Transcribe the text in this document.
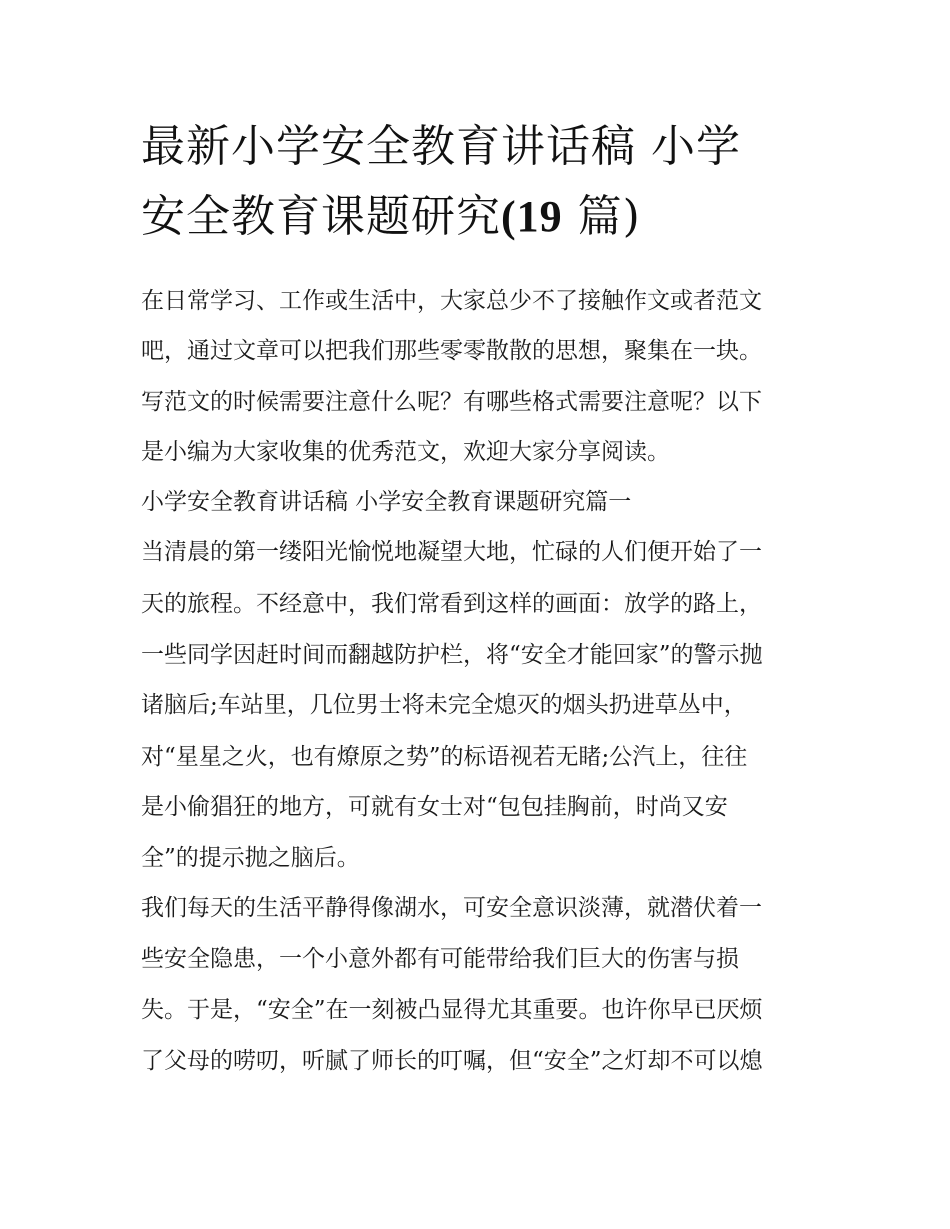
最新小学安全教育讲话稿 小学
安全教育课题研究(19 篇)

在日常学习、工作或生活中，大家总少不了接触作文或者范文

吧，通过文章可以把我们那些零零散散的思想，聚集在一块。

写范文的时候需要注意什么呢？有哪些格式需要注意呢？以下

是小编为大家收集的优秀范文，欢迎大家分享阅读。

小学安全教育讲话稿 小学安全教育课题研究篇一

当清晨的第一缕阳光愉悦地凝望大地，忙碌的人们便开始了一

天的旅程。不经意中，我们常看到这样的画面：放学的路上，

一些同学因赶时间而翻越防护栏，将“安全才能回家”的警示抛

诸脑后;车站里，几位男士将未完全熄灭的烟头扔进草丛中，

对“星星之火，也有燎原之势”的标语视若无睹;公汽上，往往

是小偷猖狂的地方，可就有女士对“包包挂胸前，时尚又安

全”的提示抛之脑后。

我们每天的生活平静得像湖水，可安全意识淡薄，就潜伏着一

些安全隐患，一个小意外都有可能带给我们巨大的伤害与损

失。于是，“安全”在一刻被凸显得尤其重要。也许你早已厌烦

了父母的唠叨，听腻了师长的叮嘱，但“安全”之灯却不可以熄
